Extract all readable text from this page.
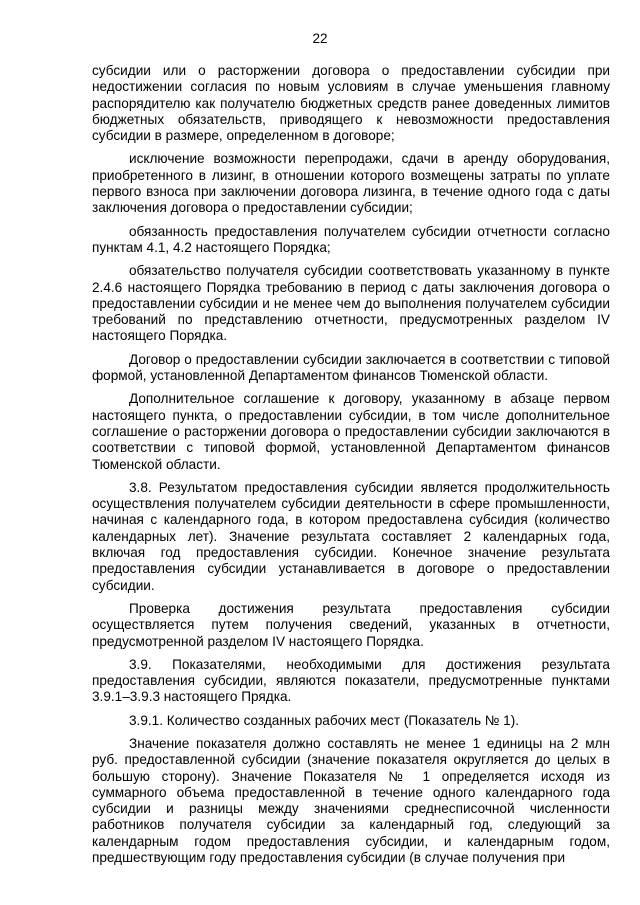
22

субсидии или о расторжении договора о предоставлении субсидии при недостижении согласия по новым условиям в случае уменьшения главному распорядителю как получателю бюджетных средств ранее доведенных лимитов бюджетных обязательств, приводящего к невозможности предоставления субсидии в размере, определенном в договоре;

исключение возможности перепродажи, сдачи в аренду оборудования, приобретенного в лизинг, в отношении которого возмещены затраты по уплате первого взноса при заключении договора лизинга, в течение одного года с даты заключения договора о предоставлении субсидии;

обязанность предоставления получателем субсидии отчетности согласно пунктам 4.1, 4.2 настоящего Порядка;

обязательство получателя субсидии соответствовать указанному в пункте 2.4.6 настоящего Порядка требованию в период с даты заключения договора о предоставлении субсидии и не менее чем до выполнения получателем субсидии требований по представлению отчетности, предусмотренных разделом IV настоящего Порядка.

Договор о предоставлении субсидии заключается в соответствии с типовой формой, установленной Департаментом финансов Тюменской области.

Дополнительное соглашение к договору, указанному в абзаце первом настоящего пункта, о предоставлении субсидии, в том числе дополнительное соглашение о расторжении договора о предоставлении субсидии заключаются в соответствии с типовой формой, установленной Департаментом финансов Тюменской области.

3.8. Результатом предоставления субсидии является продолжительность осуществления получателем субсидии деятельности в сфере промышленности, начиная с календарного года, в котором предоставлена субсидия (количество календарных лет). Значение результата составляет 2 календарных года, включая год предоставления субсидии. Конечное значение результата предоставления субсидии устанавливается в договоре о предоставлении субсидии.

Проверка достижения результата предоставления субсидии осуществляется путем получения сведений, указанных в отчетности, предусмотренной разделом IV настоящего Порядка.

3.9. Показателями, необходимыми для достижения результата предоставления субсидии, являются показатели, предусмотренные пунктами 3.9.1–3.9.3 настоящего Прядка.

3.9.1. Количество созданных рабочих мест (Показатель № 1).

Значение показателя должно составлять не менее 1 единицы на 2 млн руб. предоставленной субсидии (значение показателя округляется до целых в большую сторону). Значение Показателя № 1 определяется исходя из суммарного объема предоставленной в течение одного календарного года субсидии и разницы между значениями среднесписочной численности работников получателя субсидии за календарный год, следующий за календарным годом предоставления субсидии, и календарным годом, предшествующим году предоставления субсидии (в случае получения при
